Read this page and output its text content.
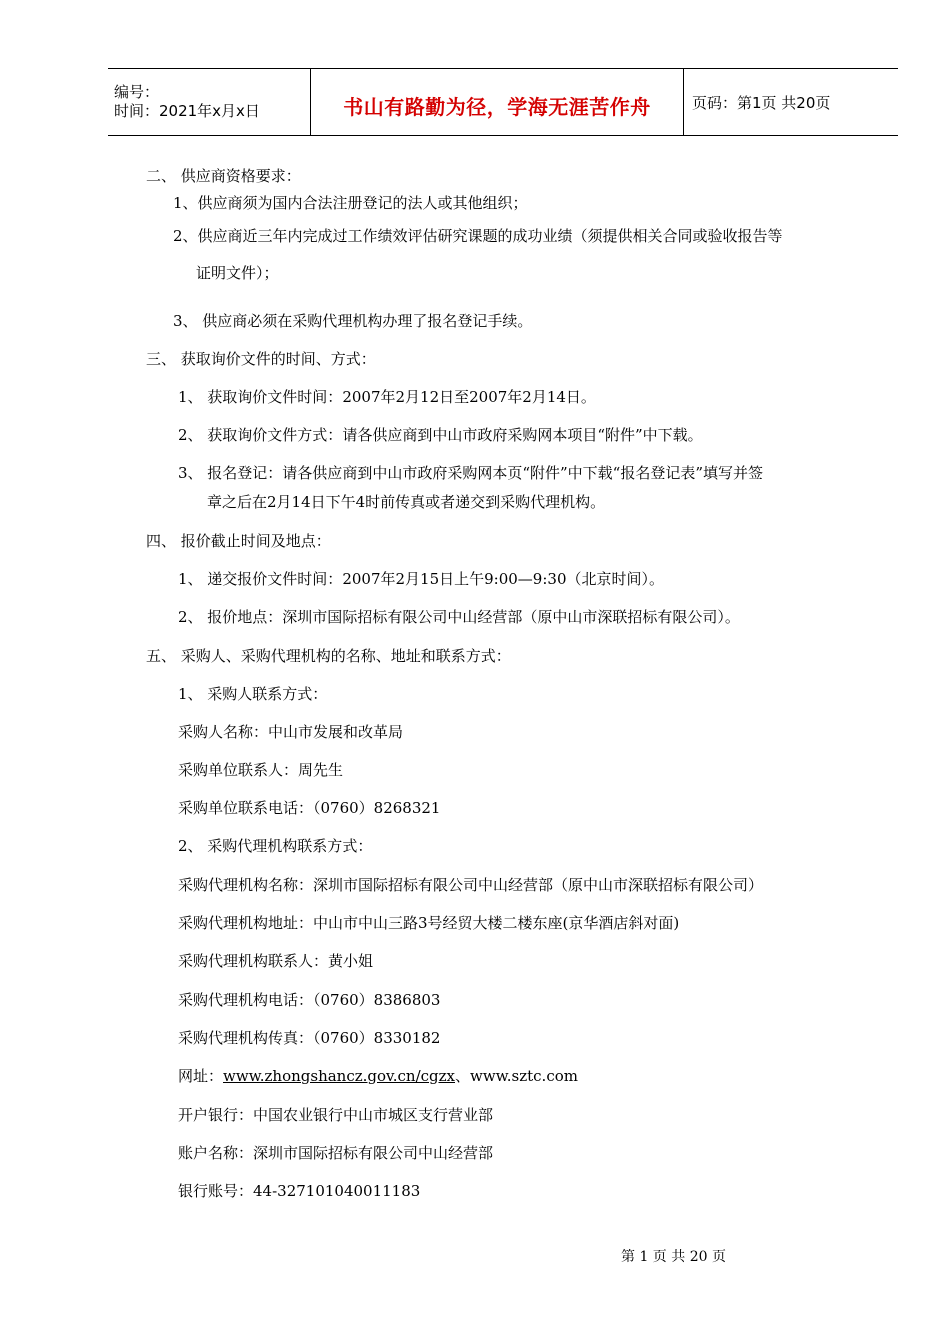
编号：
时间：2021年x月x日	书山有路勤为径，学海无涯苦作舟	页码：第1页 共20页
二、 供应商资格要求：
1、供应商须为国内合法注册登记的法人或其他组织；
2、供应商近三年内完成过工作绩效评估研究课题的成功业绩（须提供相关合同或验收报告等
证明文件）；
3、 供应商必须在采购代理机构办理了报名登记手续。
三、 获取询价文件的时间、方式：
1、 获取询价文件时间：2007年2月12日至2007年2月14日。
2、 获取询价文件方式：请各供应商到中山市政府采购网本项目“附件”中下载。
3、 报名登记：请各供应商到中山市政府采购网本页“附件”中下载“报名登记表”填写并签
章之后在2月14日下午4时前传真或者递交到采购代理机构。
四、 报价截止时间及地点：
1、 递交报价文件时间：2007年2月15日上午9:00—9:30（北京时间）。
2、 报价地点：深圳市国际招标有限公司中山经营部（原中山市深联招标有限公司）。
五、 采购人、采购代理机构的名称、地址和联系方式：
1、 采购人联系方式：
采购人名称：中山市发展和改革局
采购单位联系人：周先生
采购单位联系电话：（0760）8268321
2、 采购代理机构联系方式：
采购代理机构名称：深圳市国际招标有限公司中山经营部（原中山市深联招标有限公司）
采购代理机构地址：中山市中山三路3号经贸大楼二楼东座(京华酒店斜对面)
采购代理机构联系人：黄小姐
采购代理机构电话：（0760）8386803
采购代理机构传真：（0760）8330182
网址：www.zhongshancz.gov.cn/cgzx、www.sztc.com
开户银行：中国农业银行中山市城区支行营业部
账户名称：深圳市国际招标有限公司中山经营部
银行账号：44-327101040011183
第 1 页 共 20 页
